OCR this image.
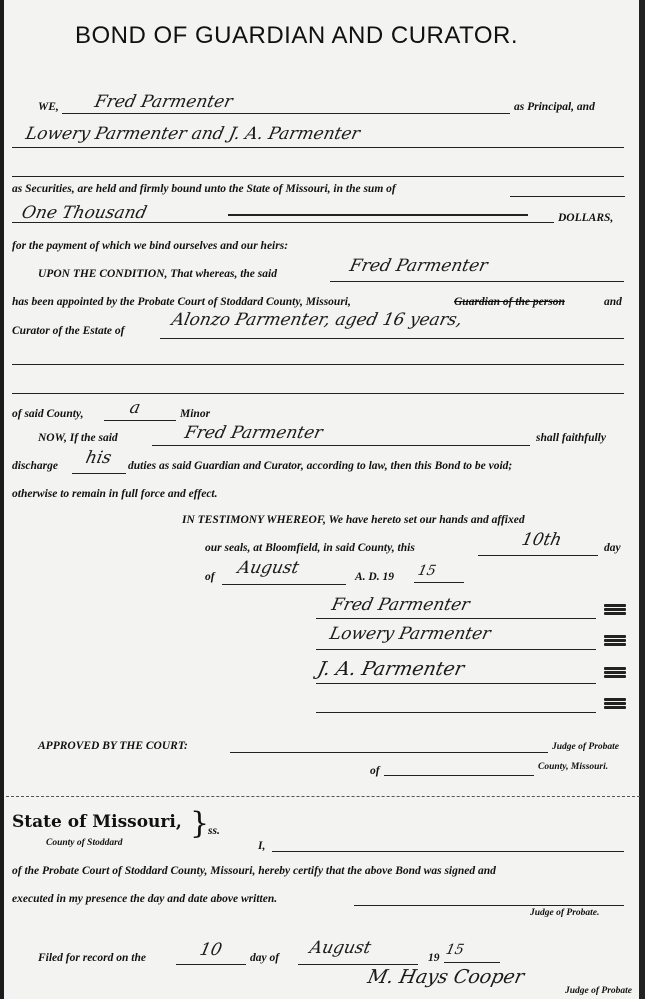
BOND OF GUARDIAN AND CURATOR.
WE, Fred Parmenter	as Principal, and
Lowery Parmenter and J. A. Parmenter
as Securities, are held and firmly bound unto the State of Missouri, in the sum of
One Thousand	DOLLARS,
for the payment of which we bind ourselves and our heirs:
UPON THE CONDITION, That whereas, the said	Fred Parmenter
has been appointed by the Probate Court of Stoddard County, Missouri,	Guardian of the person	and
Curator of the Estate of
Alonzo Parmenter, aged 16 years,
of said County,	a	Minor
NOW, If the said	Fred Parmenter	shall faithfully
discharge his duties as said Guardian and Curator, according to law, then this Bond to be void;
otherwise to remain in full force and effect.
IN TESTIMONY WHEREOF, We have hereto set our hands and affixed
our seals, at Bloomfield, in said County, this	10th	day
of August	A. D. 19 15
Fred Parmenter
Lowery Parmenter
J. A. Parmenter
APPROVED BY THE COURT:	Judge of Probate
of	County, Missouri.
State of Missouri,
County of Stoddard
}
ss.
I,
of the Probate Court of Stoddard County, Missouri, hereby certify that the above Bond was signed and
executed in my presence the day and date above written.
Judge of Probate.
Filed for record on the	10 day of August	19 15
M. Hays Cooper
Judge of Probate
